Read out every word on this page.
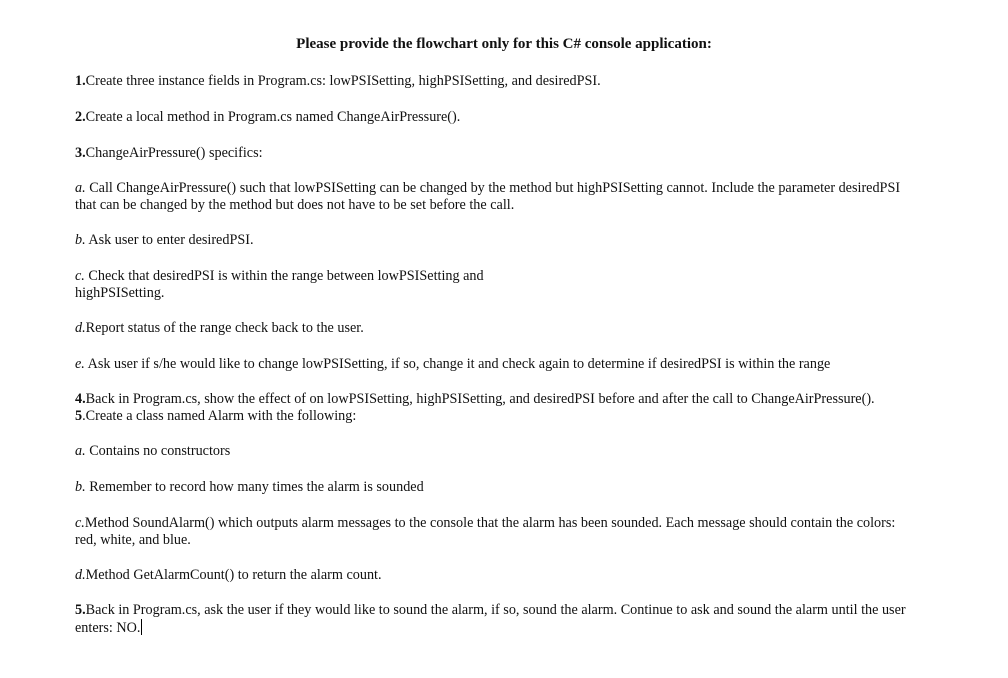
Please provide the flowchart only for this C# console application:
1.Create three instance fields in Program.cs: lowPSISetting, highPSISetting, and desiredPSI.
2.Create a local method in Program.cs named ChangeAirPressure().
3.ChangeAirPressure() specifics:
a. Call ChangeAirPressure() such that lowPSISetting can be changed by the method but highPSISetting cannot. Include the parameter desiredPSI
that can be changed by the method but does not have to be set before the call.
b. Ask user to enter desiredPSI.
c. Check that desiredPSI is within the range between lowPSISetting and
highPSISetting.
d.Report status of the range check back to the user.
e. Ask user if s/he would like to change lowPSISetting, if so, change it and check again to determine if desiredPSI is within the range
4.Back in Program.cs, show the effect of on lowPSISetting, highPSISetting, and desiredPSI before and after the call to ChangeAirPressure().
5.Create a class named Alarm with the following:
a. Contains no constructors
b. Remember to record how many times the alarm is sounded
c.Method SoundAlarm() which outputs alarm messages to the console that the alarm has been sounded. Each message should contain the colors:
red, white, and blue.
d.Method GetAlarmCount() to return the alarm count.
5.Back in Program.cs, ask the user if they would like to sound the alarm, if so, sound the alarm. Continue to ask and sound the alarm until the user
enters: NO.
